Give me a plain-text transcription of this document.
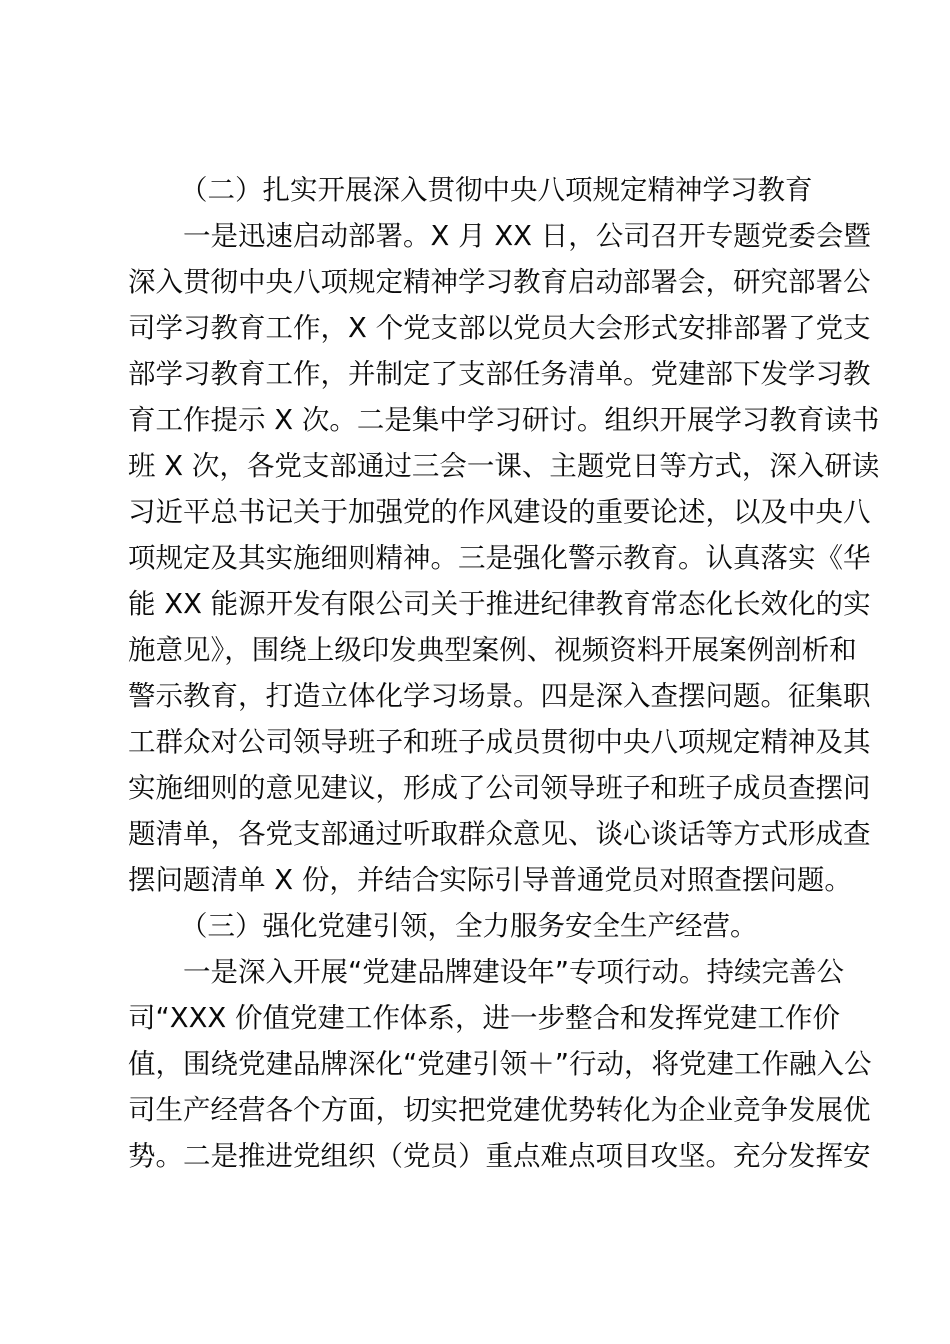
（二）扎实开展深入贯彻中央八项规定精神学习教育
一是迅速启动部署。X 月 XX 日，公司召开专题党委会暨
深入贯彻中央八项规定精神学习教育启动部署会，研究部署公
司学习教育工作，X 个党支部以党员大会形式安排部署了党支
部学习教育工作，并制定了支部任务清单。党建部下发学习教
育工作提示 X 次。二是集中学习研讨。组织开展学习教育读书
班 X 次，各党支部通过三会一课、主题党日等方式，深入研读
习近平总书记关于加强党的作风建设的重要论述，以及中央八
项规定及其实施细则精神。三是强化警示教育。认真落实《华
能 XX 能源开发有限公司关于推进纪律教育常态化长效化的实
施意见》，围绕上级印发典型案例、视频资料开展案例剖析和
警示教育，打造立体化学习场景。四是深入查摆问题。征集职
工群众对公司领导班子和班子成员贯彻中央八项规定精神及其
实施细则的意见建议，形成了公司领导班子和班子成员查摆问
题清单，各党支部通过听取群众意见、谈心谈话等方式形成查
摆问题清单 X 份，并结合实际引导普通党员对照查摆问题。
（三）强化党建引领，全力服务安全生产经营。
一是深入开展“党建品牌建设年”专项行动。持续完善公
司“XXX 价值党建工作体系，进一步整合和发挥党建工作价
值，围绕党建品牌深化“党建引领＋”行动，将党建工作融入公
司生产经营各个方面，切实把党建优势转化为企业竞争发展优
势。二是推进党组织（党员）重点难点项目攻坚。充分发挥安
